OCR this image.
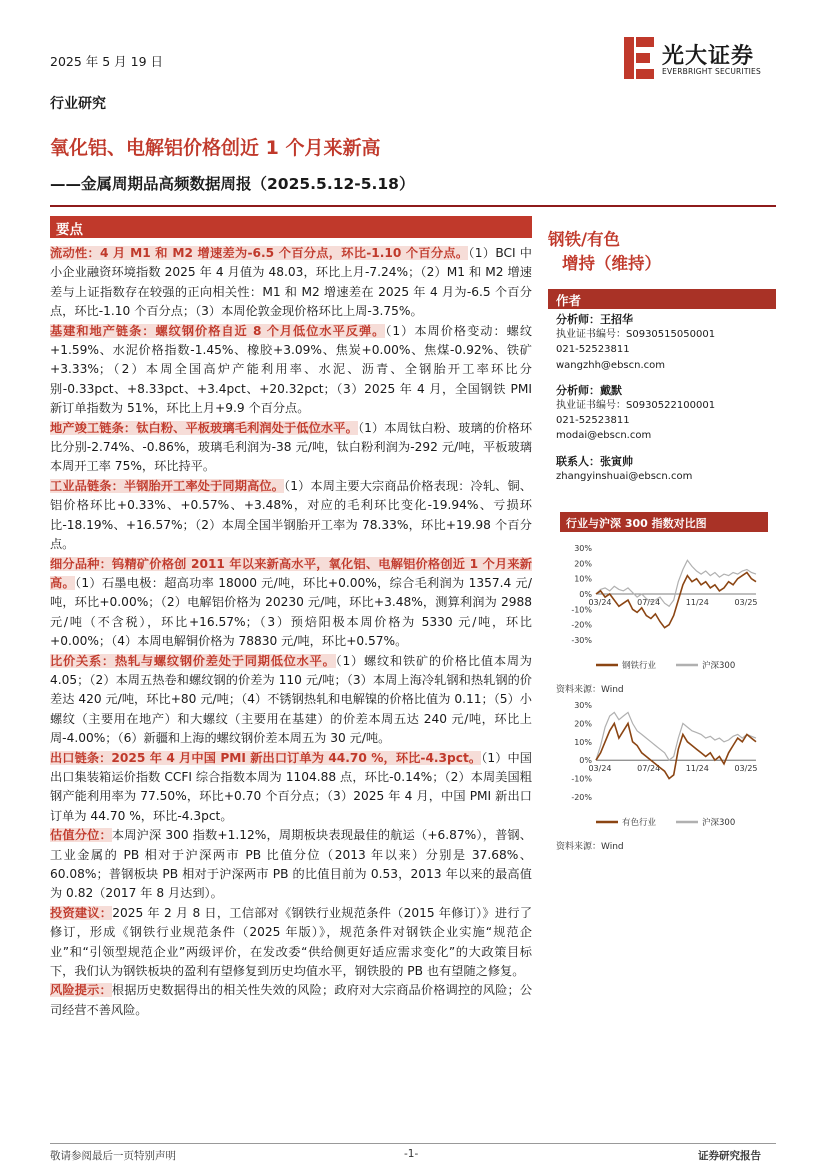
2025 年 5 月 19 日	光大证券
EVERBRIGHT SECURITIES
行业研究
氧化铝、电解铝价格创近 1 个月来新高
——金属周期品高频数据周报（2025.5.12-5.18）
要点

流动性：4 月 M1 和 M2 增速差为-6.5 个百分点，环比-1.10 个百分点。（1）BCI 中小企业融资环境指数 2025 年 4 月值为 48.03，环比上月-7.24%；（2）M1 和 M2 增速差与上证指数存在较强的正向相关性：M1 和 M2 增速差在 2025 年 4 月为-6.5 个百分点，环比-1.10 个百分点；（3）本周伦敦金现价格环比上周-3.75%。

基建和地产链条：螺纹钢价格自近 8 个月低位水平反弹。（1）本周价格变动：螺纹+1.59%、水泥价格指数-1.45%、橡胶+3.09%、焦炭+0.00%、焦煤-0.92%、铁矿+3.33%；（2）本周全国高炉产能利用率、水泥、沥青、全钢胎开工率环比分别-0.33pct、+8.33pct、+3.4pct、+20.32pct；（3）2025 年 4 月，全国钢铁 PMI 新订单指数为 51%，环比上月+9.9 个百分点。

地产竣工链条：钛白粉、平板玻璃毛利润处于低位水平。（1）本周钛白粉、玻璃的价格环比分别-2.74%、-0.86%，玻璃毛利润为-38 元/吨，钛白粉利润为-292 元/吨，平板玻璃本周开工率 75%，环比持平。

工业品链条：半钢胎开工率处于同期高位。（1）本周主要大宗商品价格表现：冷轧、铜、铝价格环比+0.33%、+0.57%、+3.48%，对应的毛利环比变化-19.94%、亏损环比-18.19%、+16.57%；（2）本周全国半钢胎开工率为 78.33%，环比+19.98 个百分点。

细分品种：钨精矿价格创 2011 年以来新高水平，氧化铝、电解铝价格创近 1 个月来新高。（1）石墨电极：超高功率 18000 元/吨，环比+0.00%，综合毛利润为 1357.4 元/吨，环比+0.00%；（2）电解铝价格为 20230 元/吨，环比+3.48%，测算利润为 2988 元/吨（不含税），环比+16.57%；（3）预焙阳极本周价格为 5330 元/吨，环比+0.00%；（4）本周电解铜价格为 78830 元/吨，环比+0.57%。

比价关系：热轧与螺纹钢价差处于同期低位水平。（1）螺纹和铁矿的价格比值本周为 4.05；（2）本周五热卷和螺纹钢的价差为 110 元/吨；（3）本周上海冷轧钢和热轧钢的价差达 420 元/吨，环比+80 元/吨；（4）不锈钢热轧和电解镍的价格比值为 0.11；（5）小螺纹（主要用在地产）和大螺纹（主要用在基建）的价差本周五达 240 元/吨，环比上周-4.00%；（6）新疆和上海的螺纹钢价差本周五为 30 元/吨。

出口链条：2025 年 4 月中国 PMI 新出口订单为 44.70 %，环比-4.3pct。（1）中国出口集装箱运价指数 CCFI 综合指数本周为 1104.88 点，环比-0.14%；（2）本周美国粗钢产能利用率为 77.50%，环比+0.70 个百分点；（3）2025 年 4 月，中国 PMI 新出口订单为 44.70 %，环比-4.3pct。

估值分位：本周沪深 300 指数+1.12%，周期板块表现最佳的航运（+6.87%），普钢、工业金属的 PB 相对于沪深两市 PB 比值分位（2013 年以来）分别是 37.68%、60.08%；普钢板块 PB 相对于沪深两市 PB 的比值目前为 0.53，2013 年以来的最高值为 0.82（2017 年 8 月达到）。

投资建议：2025 年 2 月 8 日，工信部对《钢铁行业规范条件（2015 年修订）》进行了修订，形成《钢铁行业规范条件（2025 年版）》，规范条件对钢铁企业实施“规范企业”和“引领型规范企业”两级评价，在发改委“供给侧更好适应需求变化”的大政策目标下，我们认为钢铁板块的盈利有望修复到历史均值水平，钢铁股的 PB 也有望随之修复。

风险提示：根据历史数据得出的相关性失效的风险；政府对大宗商品价格调控的风险；公司经营不善风险。

钢铁/有色
增持（维持）
作者
分析师：王招华
执业证书编号：S0930515050001
021-52523811
wangzhh@ebscn.com
分析师：戴默
执业证书编号：S0930522100001
021-52523811
modai@ebscn.com
联系人：张寅帅
zhangyinshuai@ebscn.com
行业与沪深 300 指数对比图
30%
20%
10%
0%
-10%
-20%
-30%
03/24	07/24	11/24	03/25
钢铁行业	沪深300
资料来源：Wind
30%
20%
10%
0%
-10%
-20%
03/24	07/24	11/24	03/25
有色行业	沪深300
资料来源：Wind
敬请参阅最后一页特别声明	-1-	证券研究报告
